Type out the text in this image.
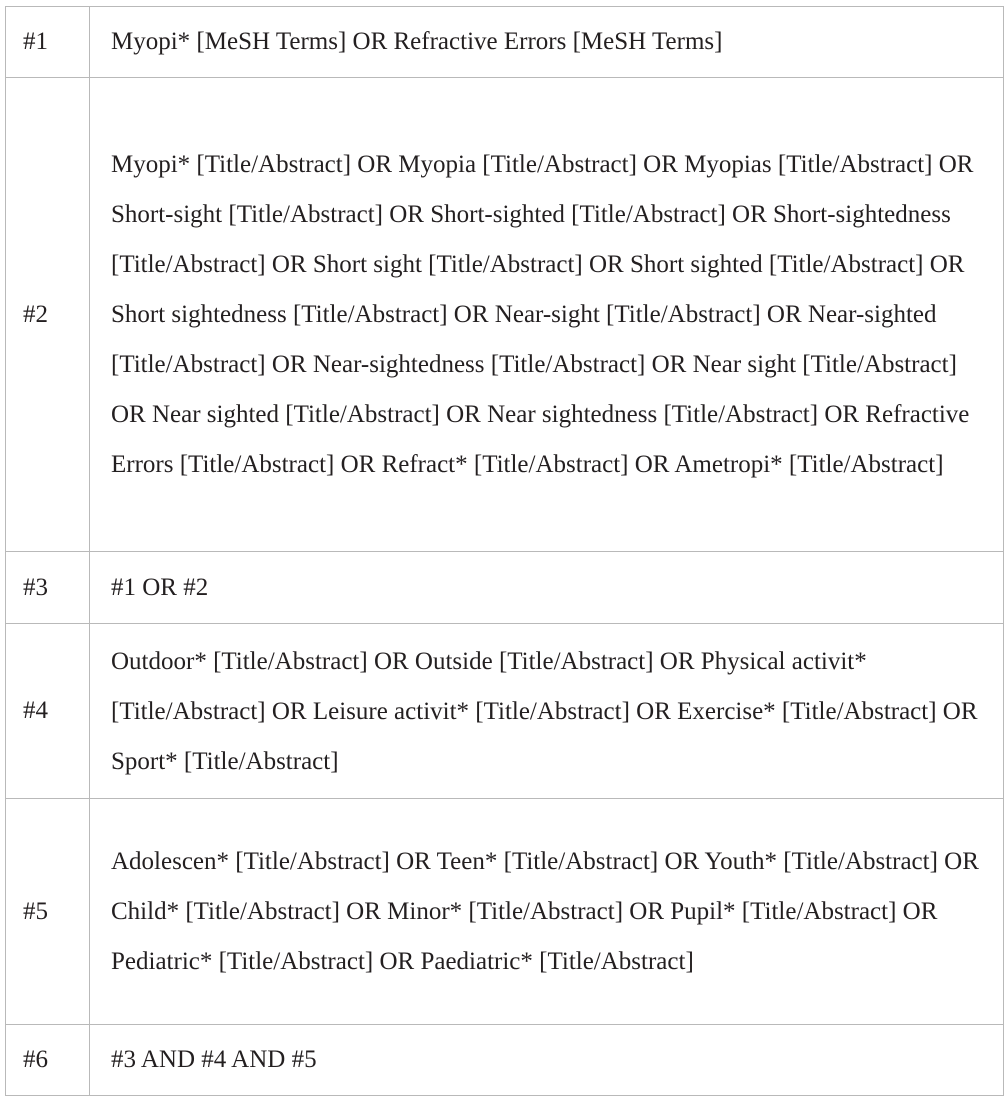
#1	Myopi* [MeSH Terms] OR Refractive Errors [MeSH Terms]
#2	Myopi* [Title/Abstract] OR Myopia [Title/Abstract] OR Myopias [Title/Abstract] OR Short-sight [Title/Abstract] OR Short-sighted [Title/Abstract] OR Short-sightedness [Title/Abstract] OR Short sight [Title/Abstract] OR Short sighted [Title/Abstract] OR Short sightedness [Title/Abstract] OR Near-sight [Title/Abstract] OR Near-sighted [Title/Abstract] OR Near-sightedness [Title/Abstract] OR Near sight [Title/Abstract] OR Near sighted [Title/Abstract] OR Near sightedness [Title/Abstract] OR Refractive Errors [Title/Abstract] OR Refract* [Title/Abstract] OR Ametropi* [Title/Abstract]
#3	#1 OR #2
#4	Outdoor* [Title/Abstract] OR Outside [Title/Abstract] OR Physical activit* [Title/Abstract] OR Leisure activit* [Title/Abstract] OR Exercise* [Title/Abstract] OR Sport* [Title/Abstract]
#5	Adolescen* [Title/Abstract] OR Teen* [Title/Abstract] OR Youth* [Title/Abstract] OR Child* [Title/Abstract] OR Minor* [Title/Abstract] OR Pupil* [Title/Abstract] OR Pediatric* [Title/Abstract] OR Paediatric* [Title/Abstract]
#6	#3 AND #4 AND #5
